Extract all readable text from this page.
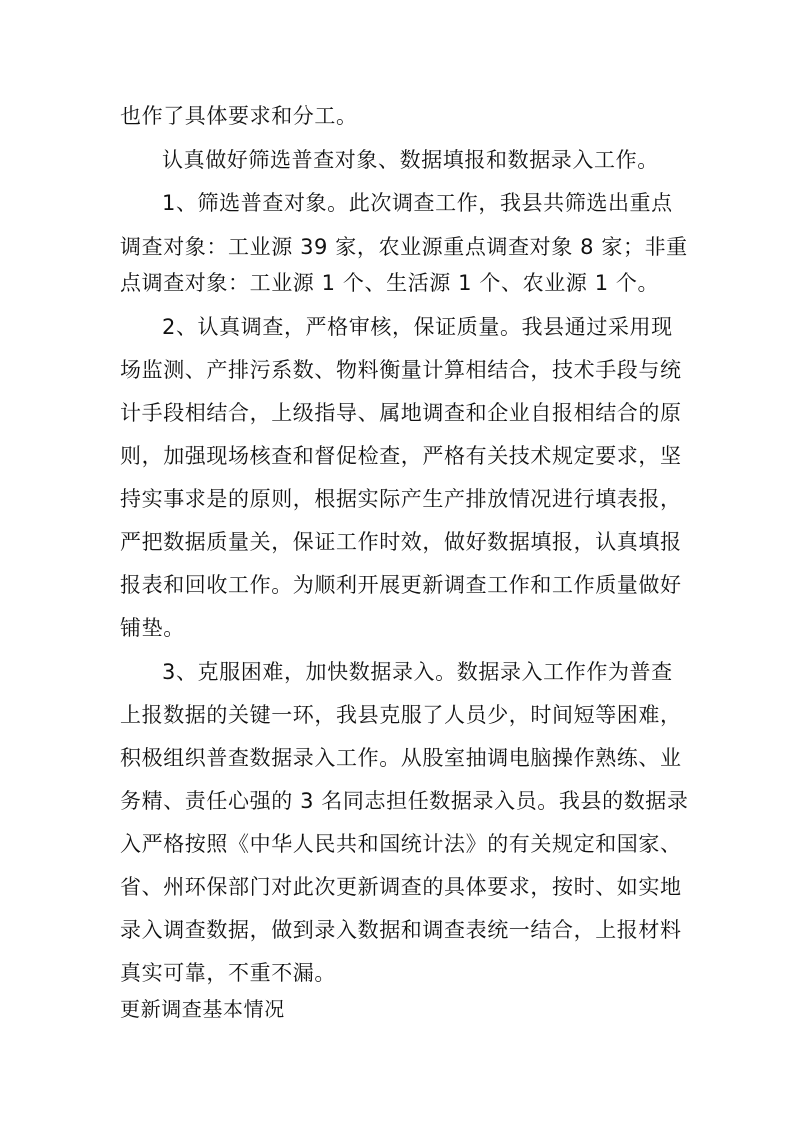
也作了具体要求和分工。
认真做好筛选普查对象、数据填报和数据录入工作。
1、筛选普查对象。此次调查工作，我县共筛选出重点
调查对象：工业源 39 家，农业源重点调查对象 8 家；非重
点调查对象：工业源 1 个、生活源 1 个、农业源 1 个。
2、认真调查，严格审核，保证质量。我县通过采用现
场监测、产排污系数、物料衡量计算相结合，技术手段与统
计手段相结合，上级指导、属地调查和企业自报相结合的原
则，加强现场核查和督促检查，严格有关技术规定要求，坚
持实事求是的原则，根据实际产生产排放情况进行填表报，
严把数据质量关，保证工作时效，做好数据填报，认真填报
报表和回收工作。为顺利开展更新调查工作和工作质量做好
铺垫。
3、克服困难，加快数据录入。数据录入工作作为普查
上报数据的关键一环，我县克服了人员少，时间短等困难，
积极组织普查数据录入工作。从股室抽调电脑操作熟练、业
务精、责任心强的 3 名同志担任数据录入员。我县的数据录
入严格按照《中华人民共和国统计法》的有关规定和国家、
省、州环保部门对此次更新调查的具体要求，按时、如实地
录入调查数据，做到录入数据和调查表统一结合，上报材料
真实可靠，不重不漏。
更新调查基本情况
